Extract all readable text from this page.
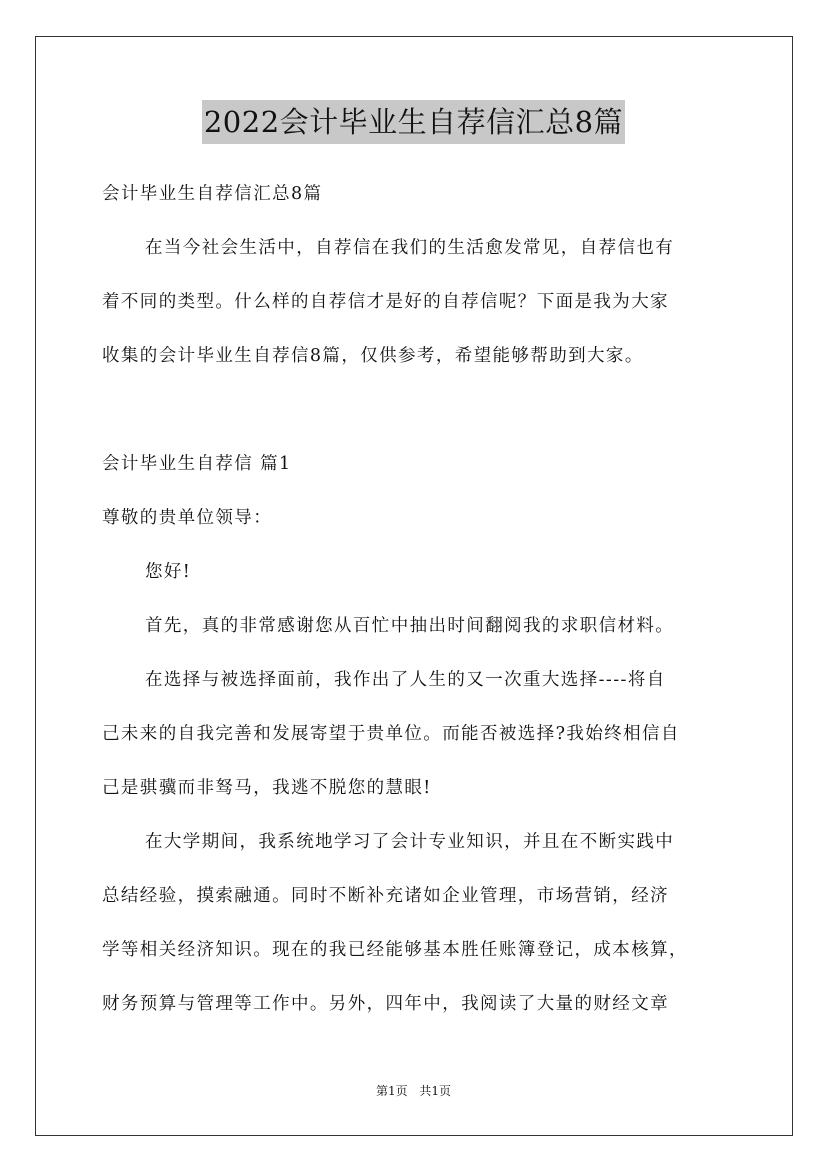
2022会计毕业生自荐信汇总8篇
会计毕业生自荐信汇总8篇
在当今社会生活中，自荐信在我们的生活愈发常见，自荐信也有
着不同的类型。什么样的自荐信才是好的自荐信呢？下面是我为大家
收集的会计毕业生自荐信8篇，仅供参考，希望能够帮助到大家。
会计毕业生自荐信 篇1
尊敬的贵单位领导：
您好!
首先，真的非常感谢您从百忙中抽出时间翻阅我的求职信材料。
在选择与被选择面前，我作出了人生的又一次重大选择----将自
己未来的自我完善和发展寄望于贵单位。而能否被选择?我始终相信自
己是骐骥而非驽马，我逃不脱您的慧眼!
在大学期间，我系统地学习了会计专业知识，并且在不断实践中
总结经验，摸索融通。同时不断补充诸如企业管理，市场营销，经济
学等相关经济知识。现在的我已经能够基本胜任账簿登记，成本核算，
财务预算与管理等工作中。另外，四年中，我阅读了大量的财经文章
第1页 共1页
